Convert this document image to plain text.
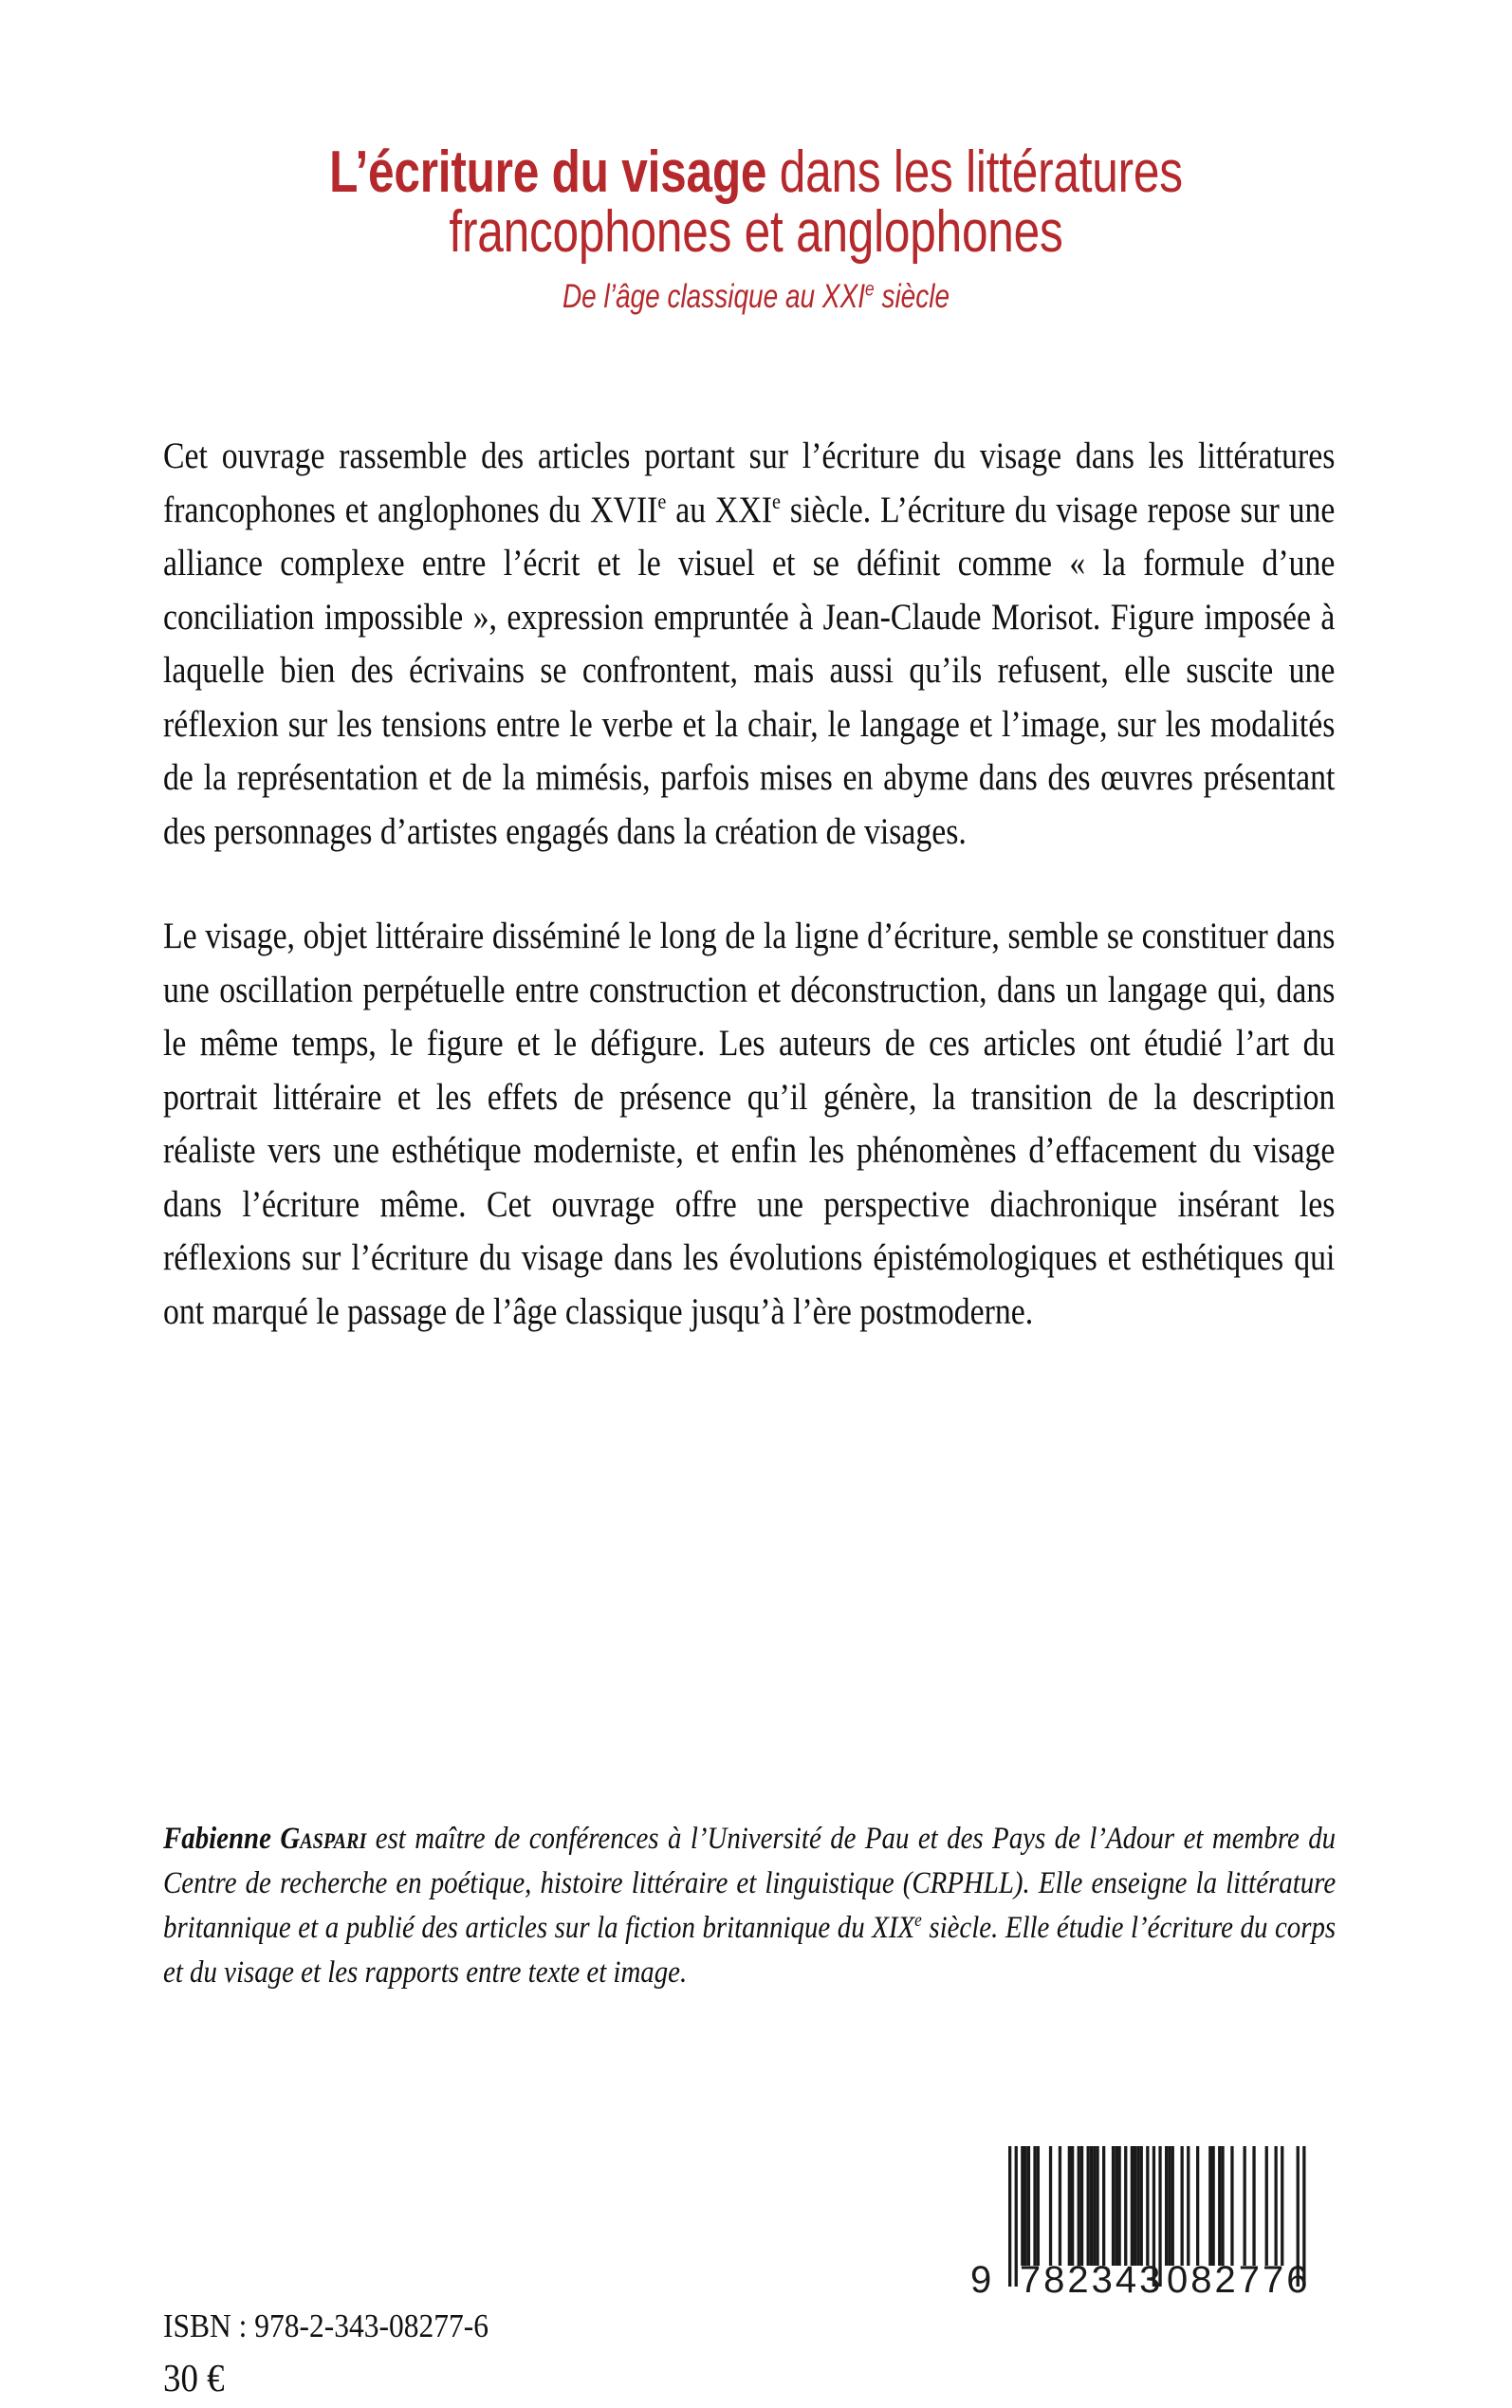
L’écriture du visage dans les littératures
francophones et anglophones
De l’âge classique au XXIe siècle

Cet ouvrage rassemble des articles portant sur l’écriture du visage dans les littératures francophones et anglophones du XVIIe au XXIe siècle. L’écriture du visage repose sur une alliance complexe entre l’écrit et le visuel et se définit comme « la formule d’une conciliation impossible », expression empruntée à Jean-Claude Morisot. Figure imposée à laquelle bien des écrivains se confrontent, mais aussi qu’ils refusent, elle suscite une réflexion sur les tensions entre le verbe et la chair, le langage et l’image, sur les modalités de la représentation et de la mimésis, parfois mises en abyme dans des œuvres présentant des personnages d’artistes engagés dans la création de visages.

Le visage, objet littéraire disséminé le long de la ligne d’écriture, semble se constituer dans une oscillation perpétuelle entre construction et déconstruction, dans un langage qui, dans le même temps, le figure et le défigure. Les auteurs de ces articles ont étudié l’art du portrait littéraire et les effets de présence qu’il génère, la transition de la description réaliste vers une esthétique moderniste, et enfin les phénomènes d’effacement du visage dans l’écriture même. Cet ouvrage offre une perspective diachronique insérant les réflexions sur l’écriture du visage dans les évolutions épistémologiques et esthétiques qui ont marqué le passage de l’âge classique jusqu’à l’ère postmoderne.

Fabienne Gaspari est maître de conférences à l’Université de Pau et des Pays de l’Adour et membre du Centre de recherche en poétique, histoire littéraire et linguistique (CRPHLL). Elle enseigne la littérature britannique et a publié des articles sur la fiction britannique du XIXe siècle. Elle étudie l’écriture du corps et du visage et les rapports entre texte et image.

ISBN : 978-2-343-08277-6
30 €
9 782343 082776
